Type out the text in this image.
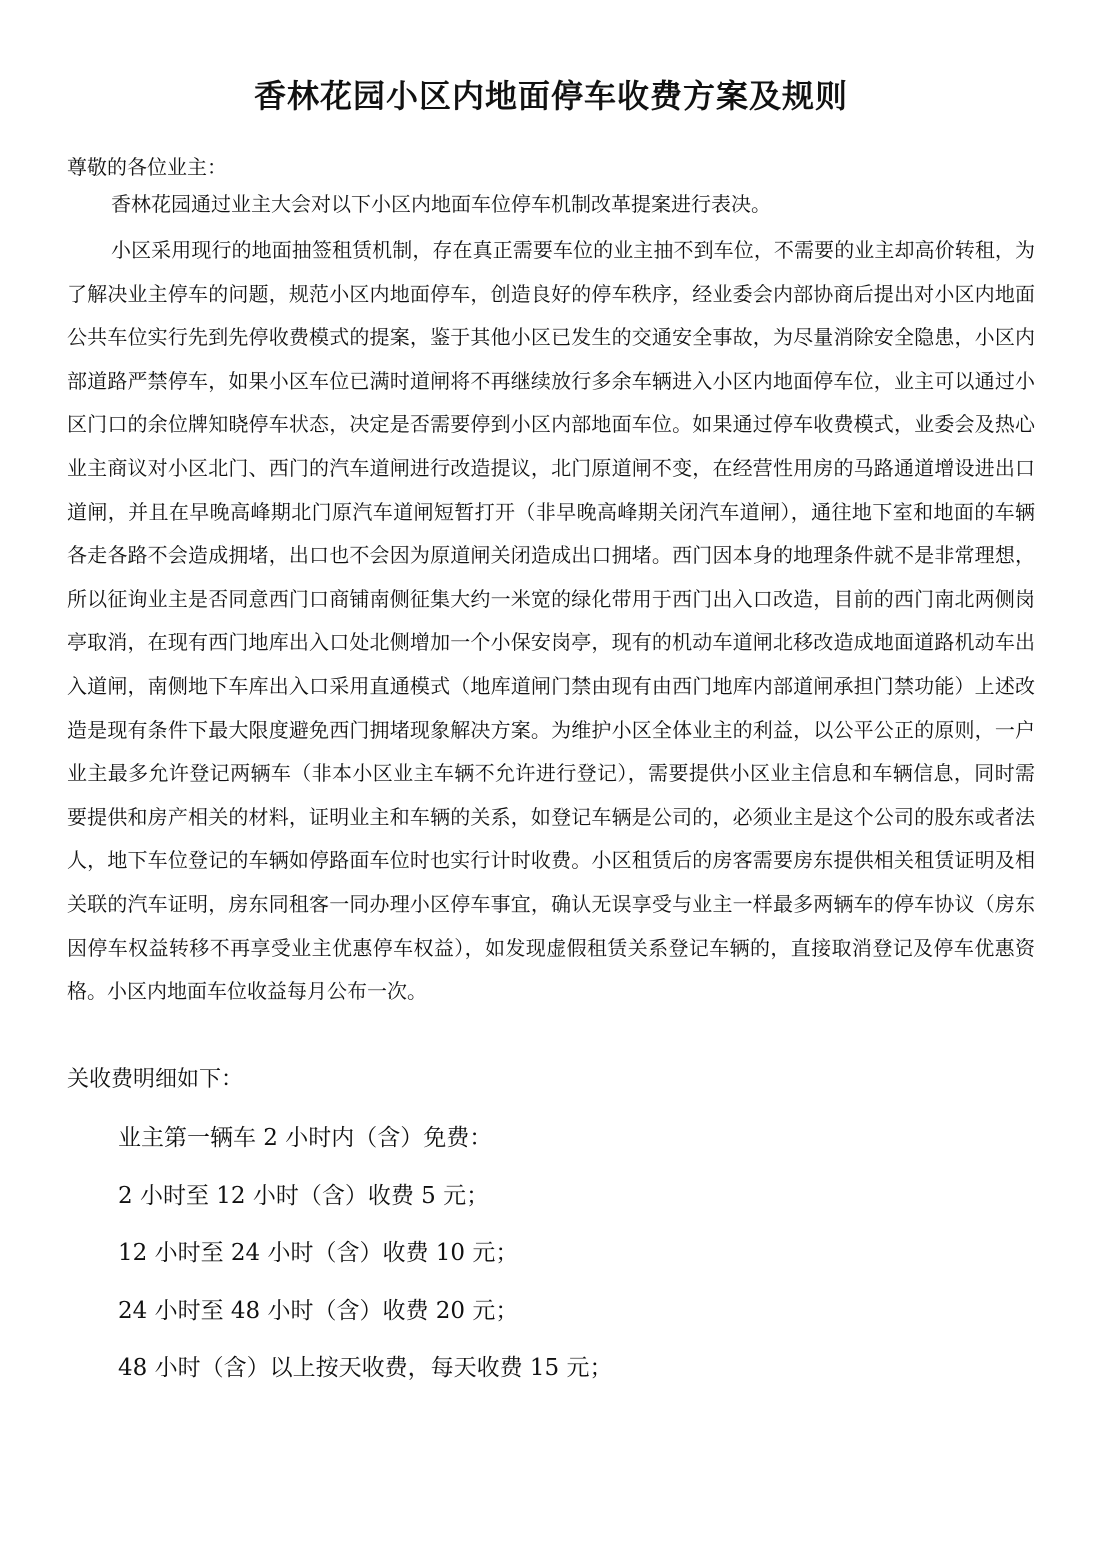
香林花园小区内地面停车收费方案及规则

尊敬的各位业主：

香林花园通过业主大会对以下小区内地面车位停车机制改革提案进行表决。

小区采用现行的地面抽签租赁机制，存在真正需要车位的业主抽不到车位，不需要的业主却高价转租，为了解决业主停车的问题，规范小区内地面停车，创造良好的停车秩序，经业委会内部协商后提出对小区内地面公共车位实行先到先停收费模式的提案，鉴于其他小区已发生的交通安全事故，为尽量消除安全隐患，小区内部道路严禁停车，如果小区车位已满时道闸将不再继续放行多余车辆进入小区内地面停车位，业主可以通过小区门口的余位牌知晓停车状态，决定是否需要停到小区内部地面车位。如果通过停车收费模式，业委会及热心业主商议对小区北门、西门的汽车道闸进行改造提议，北门原道闸不变，在经营性用房的马路通道增设进出口道闸，并且在早晚高峰期北门原汽车道闸短暂打开（非早晚高峰期关闭汽车道闸），通往地下室和地面的车辆各走各路不会造成拥堵，出口也不会因为原道闸关闭造成出口拥堵。西门因本身的地理条件就不是非常理想，所以征询业主是否同意西门口商铺南侧征集大约一米宽的绿化带用于西门出入口改造，目前的西门南北两侧岗亭取消，在现有西门地库出入口处北侧增加一个小保安岗亭，现有的机动车道闸北移改造成地面道路机动车出入道闸，南侧地下车库出入口采用直通模式（地库道闸门禁由现有由西门地库内部道闸承担门禁功能）上述改造是现有条件下最大限度避免西门拥堵现象解决方案。为维护小区全体业主的利益，以公平公正的原则，一户业主最多允许登记两辆车（非本小区业主车辆不允许进行登记），需要提供小区业主信息和车辆信息，同时需要提供和房产相关的材料，证明业主和车辆的关系，如登记车辆是公司的，必须业主是这个公司的股东或者法人，地下车位登记的车辆如停路面车位时也实行计时收费。小区租赁后的房客需要房东提供相关租赁证明及相关联的汽车证明，房东同租客一同办理小区停车事宜，确认无误享受与业主一样最多两辆车的停车协议（房东因停车权益转移不再享受业主优惠停车权益），如发现虚假租赁关系登记车辆的，直接取消登记及停车优惠资格。小区内地面车位收益每月公布一次。

关收费明细如下：

业主第一辆车 2 小时内（含）免费：
2 小时至 12 小时（含）收费 5 元；
12 小时至 24 小时（含）收费 10 元；
24 小时至 48 小时（含）收费 20 元；
48 小时（含）以上按天收费，每天收费 15 元；
